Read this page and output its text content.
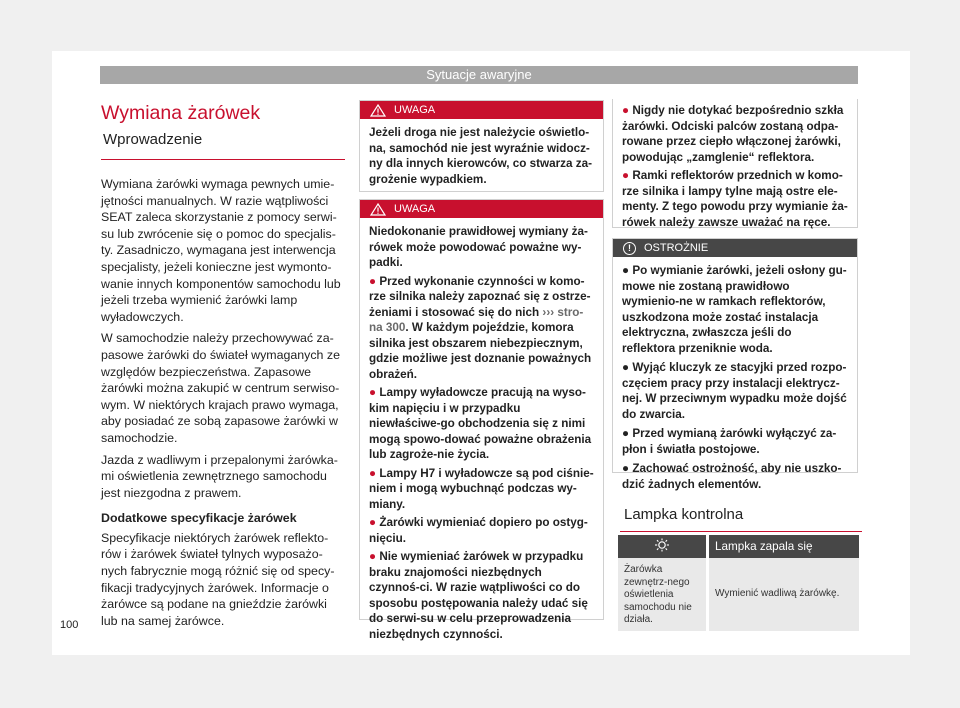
Sytuacje awaryjne
Wymiana żarówek
Wprowadzenie

Wymiana żarówki wymaga pewnych umie-jętności manualnych. W razie wątpliwości SEAT zaleca skorzystanie z pomocy serwi-su lub zwrócenie się o pomoc do specjalis-ty. Zasadniczo, wymagana jest interwencja specjalisty, jeżeli konieczne jest wymonto-wanie innych komponentów samochodu lub jeżeli trzeba wymienić żarówki lamp wyładowczych.

W samochodzie należy przechowywać za-pasowe żarówki do świateł wymaganych ze względów bezpieczeństwa. Zapasowe żarówki można zakupić w centrum serwiso-wym. W niektórych krajach prawo wymaga, aby posiadać ze sobą zapasowe żarówki w samochodzie.

Jazda z wadliwym i przepalonymi żarówka-mi oświetlenia zewnętrznego samochodu jest niezgodna z prawem.

Dodatkowe specyfikacje żarówek

Specyfikacje niektórych żarówek reflekto-rów i żarówek świateł tylnych wyposażo-nych fabrycznie mogą różnić się od specy-fikacji tradycyjnych żarówek. Informacje o żarówce są podane na gnieździe żarówki lub na samej żarówce.

UWAGA

Jeżeli droga nie jest należycie oświetlo-na, samochód nie jest wyraźnie widocz-ny dla innych kierowców, co stwarza za-grożenie wypadkiem.

UWAGA

Niedokonanie prawidłowej wymiany ża-rówek może powodować poważne wy-padki.

● Przed wykonanie czynności w komo-rze silnika należy zapoznać się z ostrze-żeniami i stosować się do nich ››› stro-na 300. W każdym pojeździe, komora silnika jest obszarem niebezpiecznym, gdzie możliwe jest doznanie poważnych obrażeń.

● Lampy wyładowcze pracują na wyso-kim napięciu i w przypadku niewłaściwe-go obchodzenia się z nimi mogą spowo-dować poważne obrażenia lub zagroże-nie życia.

● Lampy H7 i wyładowcze są pod ciśnie-niem i mogą wybuchnąć podczas wy-miany.

● Żarówki wymieniać dopiero po ostyg-nięciu.

● Nie wymieniać żarówek w przypadku braku znajomości niezbędnych czynnoś-ci. W razie wątpliwości co do sposobu postępowania należy udać się do serwi-su w celu przeprowadzenia niezbędnych czynności.

● Nigdy nie dotykać bezpośrednio szkła żarówki. Odciski palców zostaną odpa-rowane przez ciepło włączonej żarówki, powodując „zamglenie“ reflektora.

● Ramki reflektorów przednich w komo-rze silnika i lampy tylne mają ostre ele-menty. Z tego powodu przy wymianie ża-rówek należy zawsze uważać na ręce.

!	OSTROŻNIE

● Po wymianie żarówki, jeżeli osłony gu-mowe nie zostaną prawidłowo wymienio-ne w ramkach reflektorów, uszkodzona może zostać instalacja elektryczna, zwłaszcza jeśli do reflektora przeniknie woda.

● Wyjąć kluczyk ze stacyjki przed rozpo-częciem pracy przy instalacji elektrycz-nej. W przeciwnym wypadku może dojść do zwarcia.

● Przed wymianą żarówki wyłączyć za-płon i światła postojowe.

● Zachować ostrożność, aby nie uszko-dzić żadnych elementów.

Lampka kontrolna
	Lampka zapala się
Żarówka zewnętrz-nego oświetlenia samochodu nie działa.	Wymienić wadliwą żarówkę.
100
